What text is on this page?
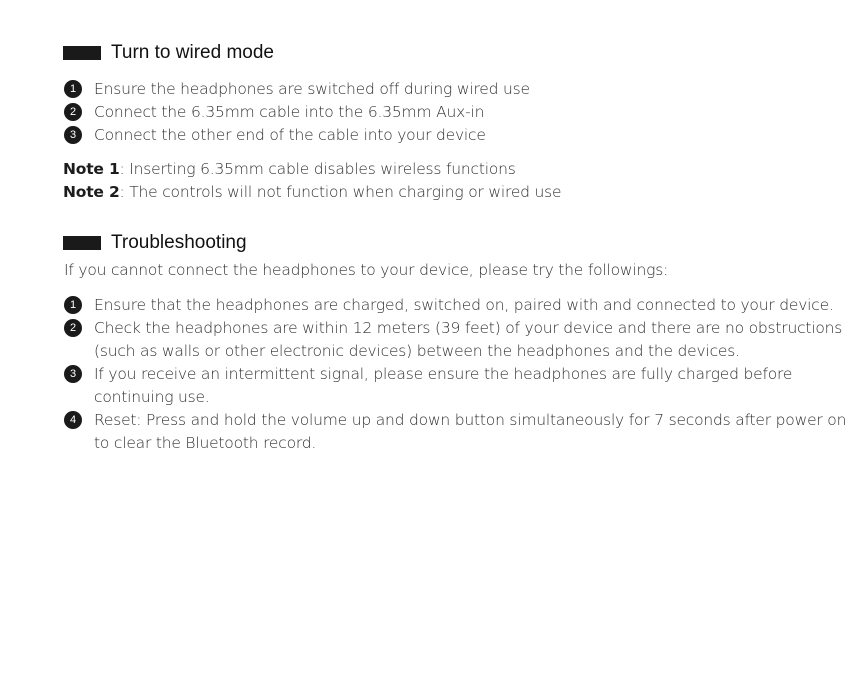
Turn to wired mode
1	Ensure the headphones are switched off during wired use
2	Connect the 6.35mm cable into the 6.35mm Aux-in
3	Connect the other end of the cable into your device
Note 1: Inserting 6.35mm cable disables wireless functions
Note 2: The controls will not function when charging or wired use
Troubleshooting
If you cannot connect the headphones to your device, please try the followings:
1	Ensure that the headphones are charged, switched on, paired with and connected to your device.
2	Check the headphones are within 12 meters (39 feet) of your device and there are no obstructions
(such as walls or other electronic devices) between the headphones and the devices.
3	If you receive an intermittent signal, please ensure the headphones are fully charged before
continuing use.
4	Reset: Press and hold the volume up and down button simultaneously for 7 seconds after power on
to clear the Bluetooth record.
